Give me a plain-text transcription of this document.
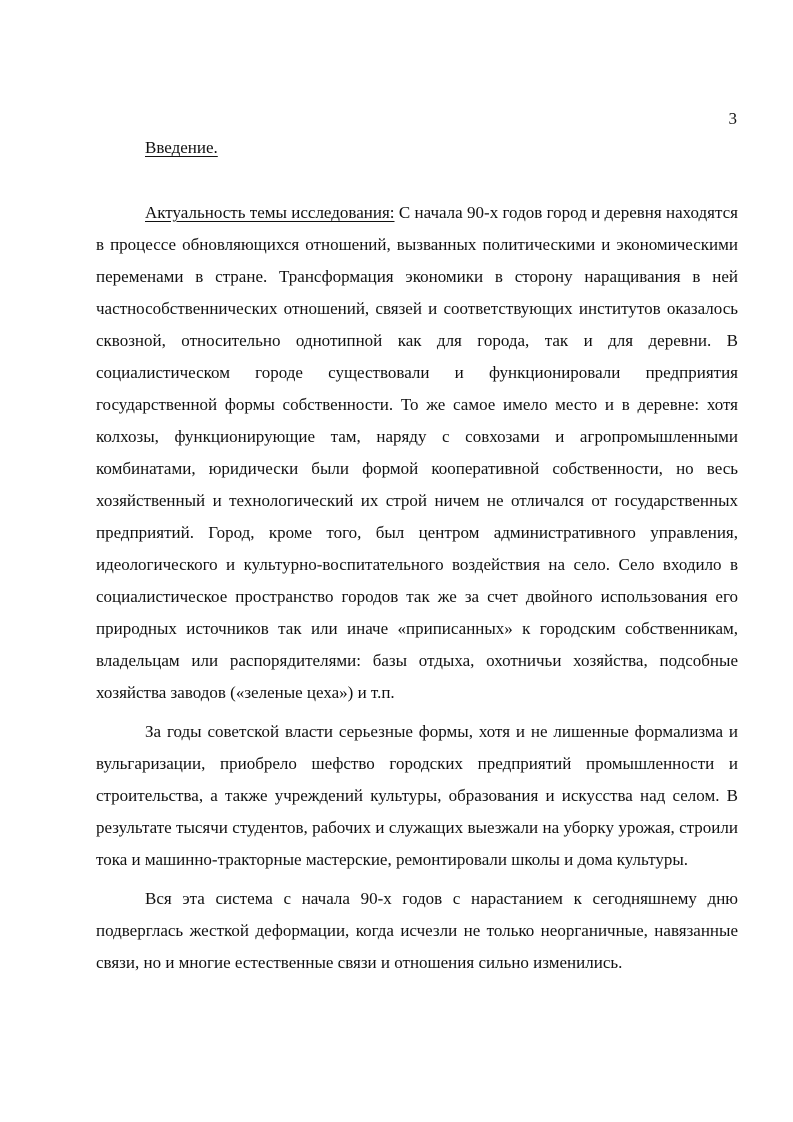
3
Введение.

Актуальность темы исследования: С начала 90-х годов город и деревня находятся в процессе обновляющихся отношений, вызванных политическими и экономическими переменами в стране. Трансформация экономики в сторону наращивания в ней частнособственнических отношений, связей и соответствующих институтов оказалось сквозной, относительно однотипной как для города, так и для деревни. В социалистическом городе существовали и функционировали предприятия государственной формы собственности. То же самое имело место и в деревне: хотя колхозы, функционирующие там, наряду с совхозами и агропромышленными комбинатами, юридически были формой кооперативной собственности, но весь хозяйственный и технологический их строй ничем не отличался от государственных предприятий. Город, кроме того, был центром административного управления, идеологического и культурно-воспитательного воздействия на село. Село входило в социалистическое пространство городов так же за счет двойного использования его природных источников так или иначе «приписанных» к городским собственникам, владельцам или распорядителями: базы отдыха, охотничьи хозяйства, подсобные хозяйства заводов («зеленые цеха») и т.п.

За годы советской власти серьезные формы, хотя и не лишенные формализма и вульгаризации, приобрело шефство городских предприятий промышленности и строительства, а также учреждений культуры, образования и искусства над селом. В результате тысячи студентов, рабочих и служащих выезжали на уборку урожая, строили тока и машинно-тракторные мастерские, ремонтировали школы и дома культуры.

Вся эта система с начала 90-х годов с нарастанием к сегодняшнему дню подверглась жесткой деформации, когда исчезли не только неорганичные, навязанные связи, но и многие естественные связи и отношения сильно изменились.
